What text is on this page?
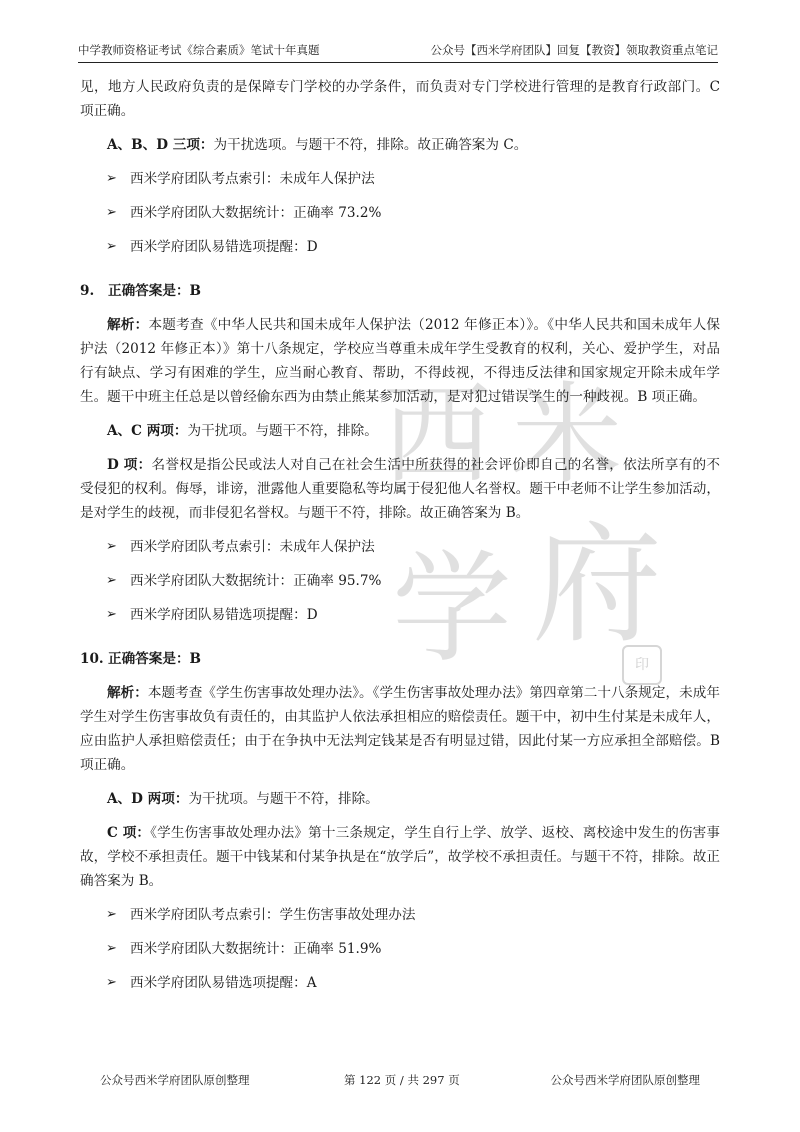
中学教师资格证考试《综合素质》笔试十年真题	公众号【西米学府团队】回复【教资】领取教资重点笔记
西 米
学 府
印

见，地方人民政府负责的是保障专门学校的办学条件，而负责对专门学校进行管理的是教育行政部门。C 项正确。

A、B、D 三项：为干扰选项。与题干不符，排除。故正确答案为 C。

➢ 西米学府团队考点索引：未成年人保护法
➢ 西米学府团队大数据统计：正确率 73.2%
➢ 西米学府团队易错选项提醒：D
9. 正确答案是：B

解析：本题考查《中华人民共和国未成年人保护法（2012 年修正本）》。《中华人民共和国未成年人保护法（2012 年修正本）》第十八条规定，学校应当尊重未成年学生受教育的权利，关心、爱护学生，对品行有缺点、学习有困难的学生，应当耐心教育、帮助，不得歧视，不得违反法律和国家规定开除未成年学生。题干中班主任总是以曾经偷东西为由禁止熊某参加活动，是对犯过错误学生的一种歧视。B 项正确。

A、C 两项：为干扰项。与题干不符，排除。

D 项：名誉权是指公民或法人对自己在社会生活中所获得的社会评价即自己的名誉，依法所享有的不受侵犯的权利。侮辱，诽谤，泄露他人重要隐私等均属于侵犯他人名誉权。题干中老师不让学生参加活动，是对学生的歧视，而非侵犯名誉权。与题干不符，排除。故正确答案为 B。

➢ 西米学府团队考点索引：未成年人保护法
➢ 西米学府团队大数据统计：正确率 95.7%
➢ 西米学府团队易错选项提醒：D
10. 正确答案是：B

解析：本题考查《学生伤害事故处理办法》。《学生伤害事故处理办法》第四章第二十八条规定，未成年学生对学生伤害事故负有责任的，由其监护人依法承担相应的赔偿责任。题干中，初中生付某是未成年人，应由监护人承担赔偿责任；由于在争执中无法判定钱某是否有明显过错，因此付某一方应承担全部赔偿。B 项正确。

A、D 两项：为干扰项。与题干不符，排除。

C 项：《学生伤害事故处理办法》第十三条规定，学生自行上学、放学、返校、离校途中发生的伤害事故，学校不承担责任。题干中钱某和付某争执是在“放学后”，故学校不承担责任。与题干不符，排除。故正确答案为 B。

➢ 西米学府团队考点索引：学生伤害事故处理办法
➢ 西米学府团队大数据统计：正确率 51.9%
➢ 西米学府团队易错选项提醒：A
公众号西米学府团队原创整理	第 122 页 / 共 297 页	公众号西米学府团队原创整理
